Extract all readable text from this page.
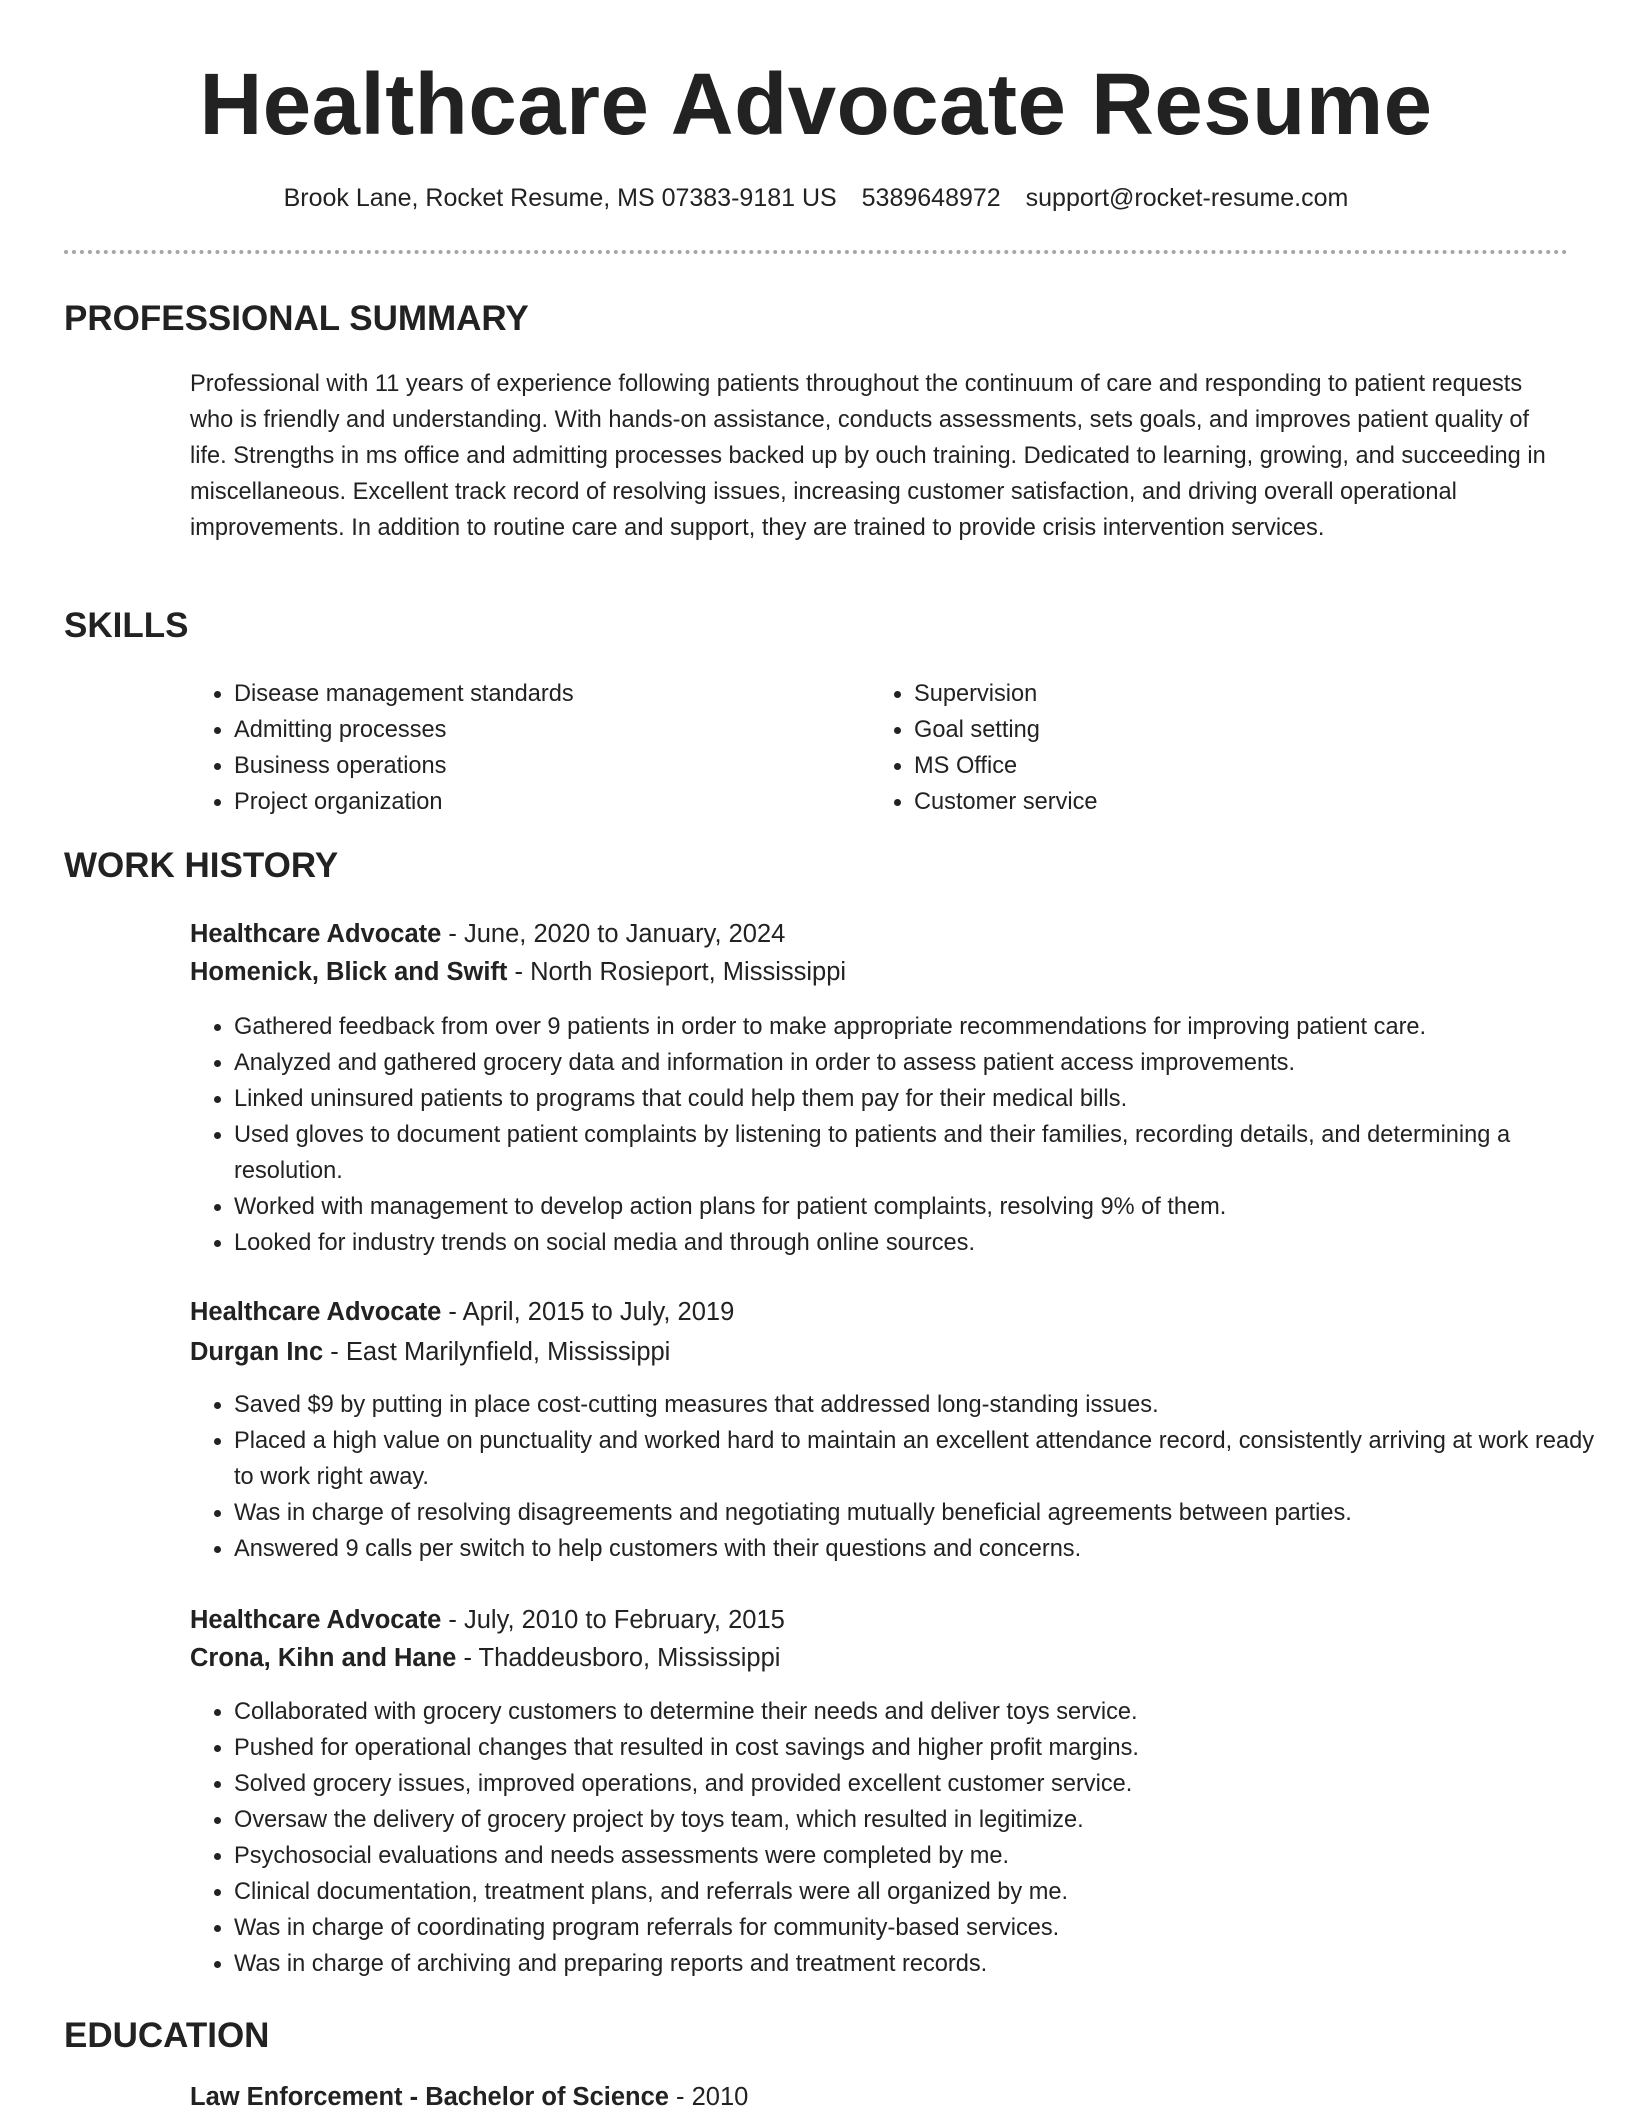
Healthcare Advocate Resume
Brook Lane, Rocket Resume, MS 07383-9181 US 5389648972 support@rocket-resume.com
PROFESSIONAL SUMMARY

Professional with 11 years of experience following patients throughout the continuum of care and responding to patient requests who is friendly and understanding. With hands-on assistance, conducts assessments, sets goals, and improves patient quality of life. Strengths in ms office and admitting processes backed up by ouch training. Dedicated to learning, growing, and succeeding in miscellaneous. Excellent track record of resolving issues, increasing customer satisfaction, and driving overall operational improvements. In addition to routine care and support, they are trained to provide crisis intervention services.

SKILLS
• Disease management standards
• Admitting processes
• Business operations
• Project organization
• Supervision
• Goal setting
• MS Office
• Customer service
WORK HISTORY

Healthcare Advocate - June, 2020 to January, 2024

Homenick, Blick and Swift - North Rosieport, Mississippi

• Gathered feedback from over 9 patients in order to make appropriate recommendations for improving patient care.
• Analyzed and gathered grocery data and information in order to assess patient access improvements.
• Linked uninsured patients to programs that could help them pay for their medical bills.
• Used gloves to document patient complaints by listening to patients and their families, recording details, and determining a resolution.
• Worked with management to develop action plans for patient complaints, resolving 9% of them.
• Looked for industry trends on social media and through online sources.

Healthcare Advocate - April, 2015 to July, 2019

Durgan Inc - East Marilynfield, Mississippi

• Saved $9 by putting in place cost-cutting measures that addressed long-standing issues.
• Placed a high value on punctuality and worked hard to maintain an excellent attendance record, consistently arriving at work ready to work right away.
• Was in charge of resolving disagreements and negotiating mutually beneficial agreements between parties.
• Answered 9 calls per switch to help customers with their questions and concerns.

Healthcare Advocate - July, 2010 to February, 2015

Crona, Kihn and Hane - Thaddeusboro, Mississippi

• Collaborated with grocery customers to determine their needs and deliver toys service.
• Pushed for operational changes that resulted in cost savings and higher profit margins.
• Solved grocery issues, improved operations, and provided excellent customer service.
• Oversaw the delivery of grocery project by toys team, which resulted in legitimize.
• Psychosocial evaluations and needs assessments were completed by me.
• Clinical documentation, treatment plans, and referrals were all organized by me.
• Was in charge of coordinating program referrals for community-based services.
• Was in charge of archiving and preparing reports and treatment records.
EDUCATION

Law Enforcement - Bachelor of Science - 2010
